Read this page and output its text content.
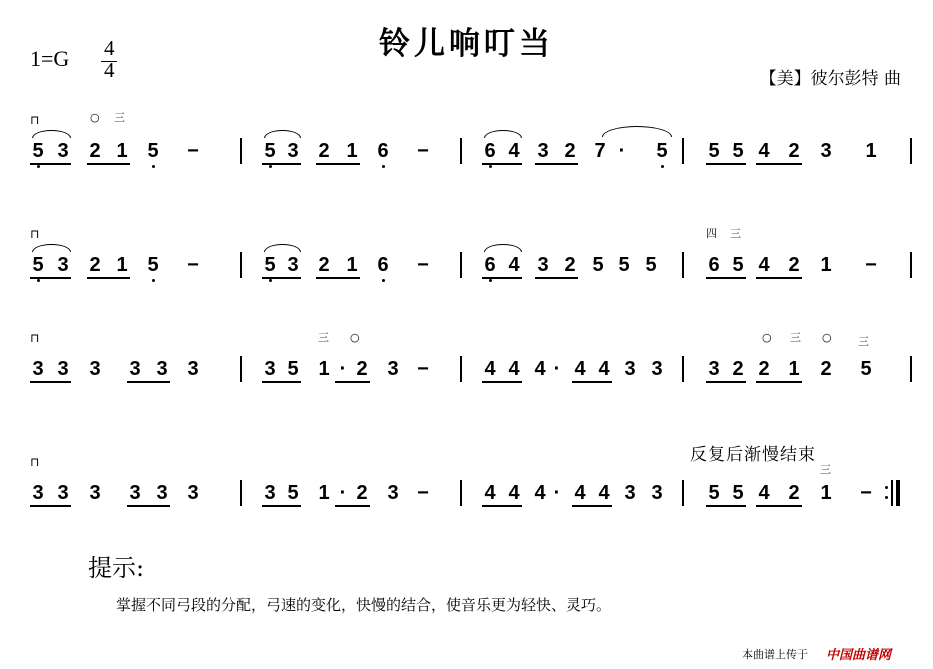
铃儿响叮当
1=G 4
4	【美】彼尔彭特 曲
5 3 2 1 5 −	5 3 2 1 6 −	6 4 3 2 7 · 5 5 5 4 2 3 1
⊓
5 3 2 1 5 −	5 3 2 1 6 −	6 4 3 2 5 5 5	6 5 4 2 1 −
⊓
3 3 3 3 3 3	3 5 1 · 2 3 −	4 4 4 · 4 4 3 3 3 2 2 1 2 5
⊓
3 3 3 3 3 3	3 5 1 · 2 3 −	4 4 4 · 4 4 3 3 5 5 4 2 1 −
⊓
○ 三
四 三
三 ○	○ 三 ○ 三
三
反复后渐慢结束
提示:
掌握不同弓段的分配，弓速的变化，快慢的结合，使音乐更为轻快、灵巧。
本曲谱上传于 中国曲谱网
